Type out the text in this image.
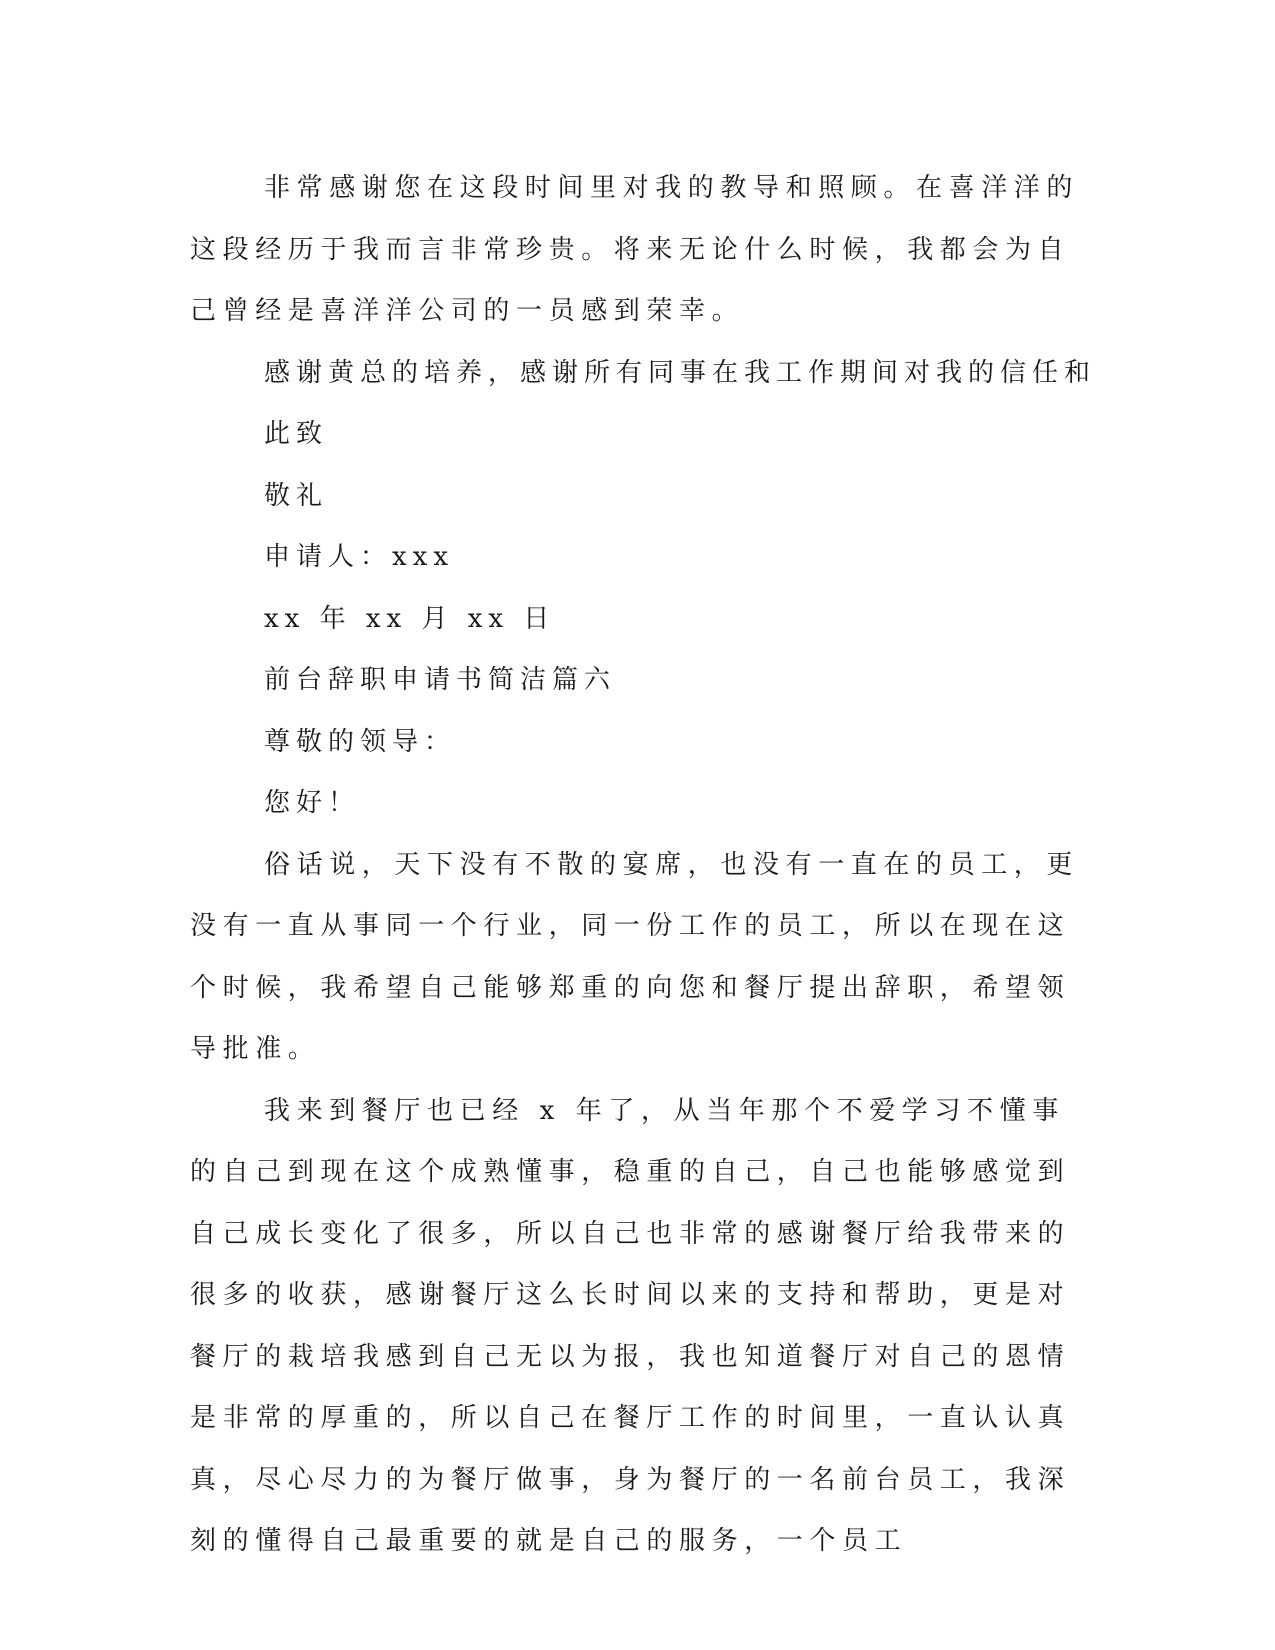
非常感谢您在这段时间里对我的教导和照顾。在喜洋洋的这段经历于我而言非常珍贵。将来无论什么时候，我都会为自己曾经是喜洋洋公司的一员感到荣幸。

感谢黄总的培养，感谢所有同事在我工作期间对我的信任和

此致

敬礼

申请人：xxx

xx 年 xx 月 xx 日

前台辞职申请书简洁篇六

尊敬的领导：

您好！

俗话说，天下没有不散的宴席，也没有一直在的员工，更没有一直从事同一个行业，同一份工作的员工，所以在现在这个时候，我希望自己能够郑重的向您和餐厅提出辞职，希望领导批准。

我来到餐厅也已经 x 年了，从当年那个不爱学习不懂事的自己到现在这个成熟懂事，稳重的自己，自己也能够感觉到自己成长变化了很多，所以自己也非常的感谢餐厅给我带来的很多的收获，感谢餐厅这么长时间以来的支持和帮助，更是对餐厅的栽培我感到自己无以为报，我也知道餐厅对自己的恩情是非常的厚重的，所以自己在餐厅工作的时间里，一直认认真真，尽心尽力的为餐厅做事，身为餐厅的一名前台员工，我深刻的懂得自己最重要的就是自己的服务，一个员工
